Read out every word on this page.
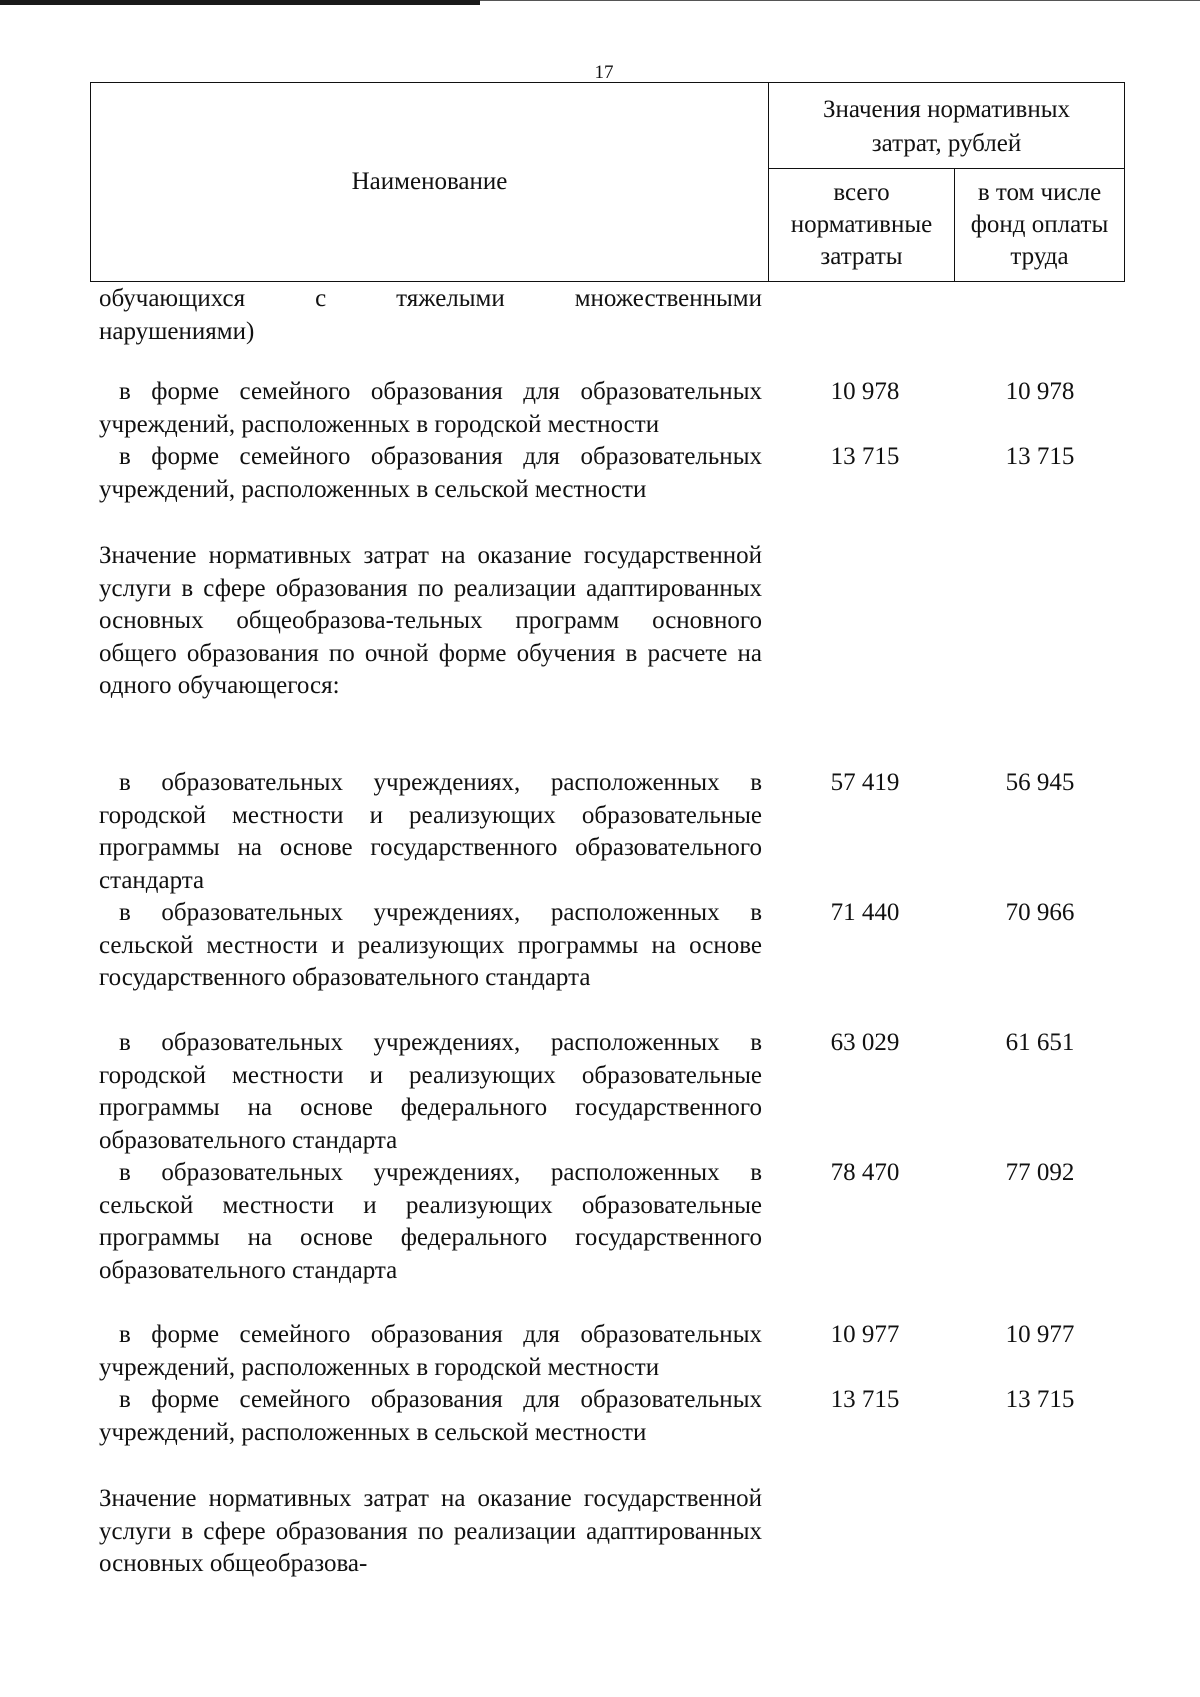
17
Наименование
Значения нормативных затрат, рублей
всего нормативные затраты
в том числе фонд оплаты труда
обучающихся с тяжелыми множественными
нарушениями)
в форме семейного образования для образовательных учреждений, расположенных в городской местности
10 978	10 978
в форме семейного образования для образовательных учреждений, расположенных в сельской местности
13 715	13 715
Значение нормативных затрат на оказание государственной услуги в сфере образования по реализации адаптированных основных общеобразова-тельных программ основного общего образования по очной форме обучения в расчете на одного обучающегося:
в образовательных учреждениях, расположенных в городской местности и реализующих образовательные программы на основе государственного образовательного стандарта
57 419	56 945
в образовательных учреждениях, расположенных в сельской местности и реализующих программы на основе государственного образовательного стандарта
71 440	70 966
в образовательных учреждениях, расположенных в городской местности и реализующих образовательные программы на основе федерального государственного образовательного стандарта
63 029	61 651
в образовательных учреждениях, расположенных в сельской местности и реализующих образовательные программы на основе федерального государственного образовательного стандарта
78 470	77 092
в форме семейного образования для образовательных учреждений, расположенных в городской местности
10 977	10 977
в форме семейного образования для образовательных учреждений, расположенных в сельской местности
13 715	13 715
Значение нормативных затрат на оказание государственной услуги в сфере образования по реализации адаптированных основных общеобразова-
